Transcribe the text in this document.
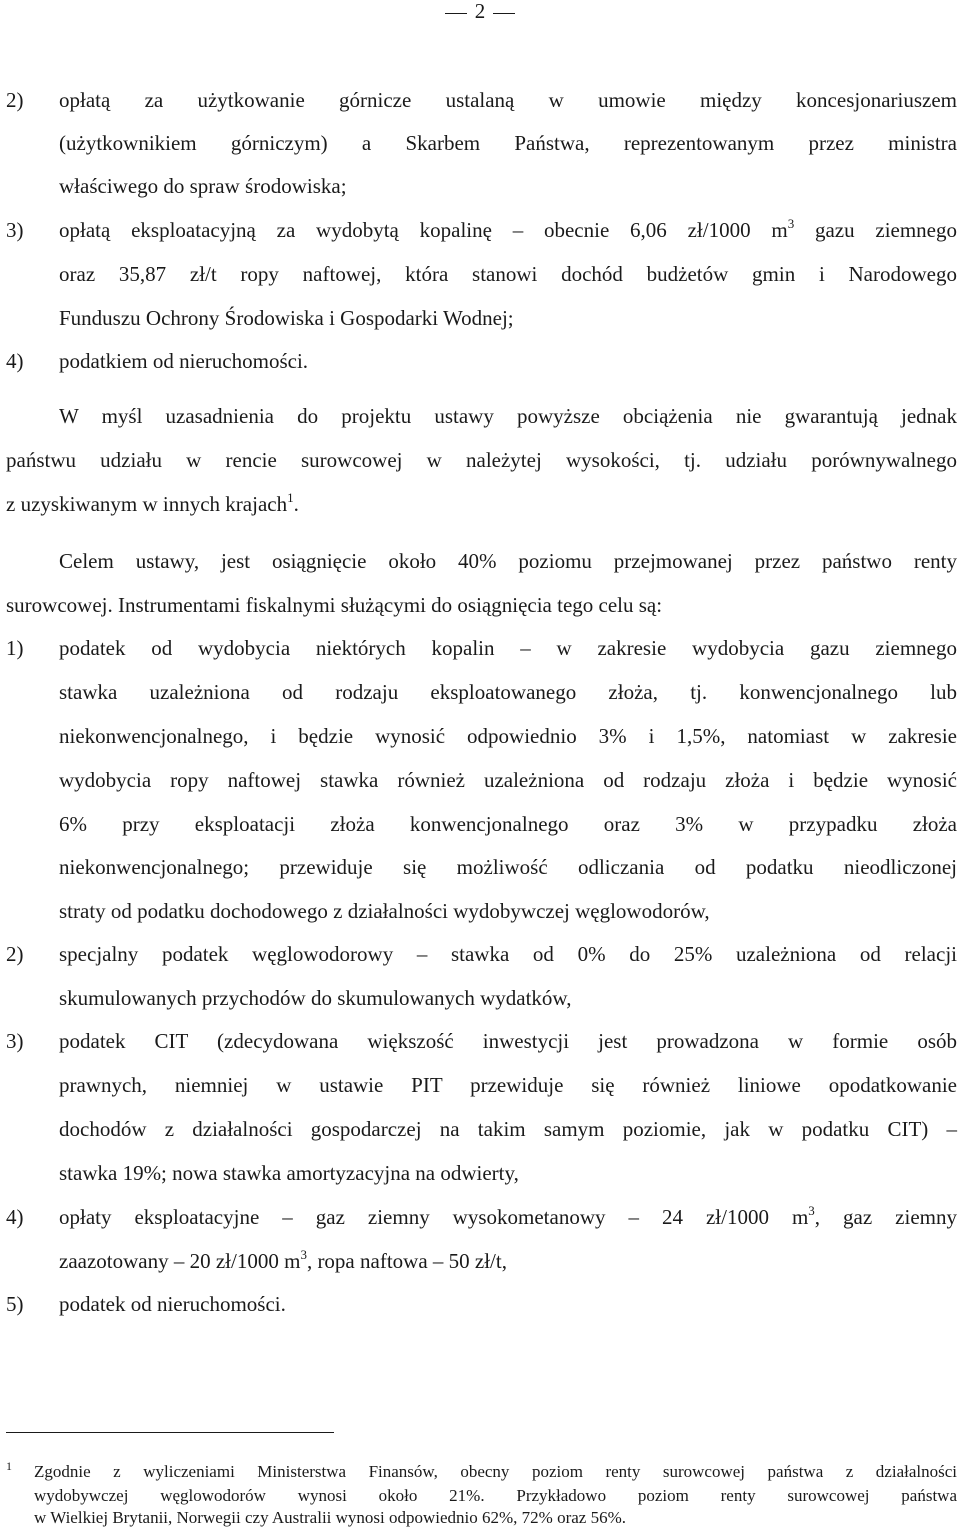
2
2) opłatą za użytkowanie górnicze ustalaną w umowie między koncesjonariuszem
(użytkownikiem górniczym) a Skarbem Państwa, reprezentowanym przez ministra
właściwego do spraw środowiska;
3) opłatą eksploatacyjną za wydobytą kopalinę – obecnie 6,06 zł/1000 $m^3$ gazu ziemnego
oraz 35,87 zł/t ropy naftowej, która stanowi dochód budżetów gmin i Narodowego
Funduszu Ochrony Środowiska i Gospodarki Wodnej;
4) podatkiem od nieruchomości.
W myśl uzasadnienia do projektu ustawy powyższe obciążenia nie gwarantują jednak
państwu udziału w rencie surowcowej w należytej wysokości, tj. udziału porównywalnego
z uzyskiwanym w innych krajach$^1$.
Celem ustawy, jest osiągnięcie około 40% poziomu przejmowanej przez państwo renty
surowcowej. Instrumentami fiskalnymi służącymi do osiągnięcia tego celu są:
1) podatek od wydobycia niektórych kopalin – w zakresie wydobycia gazu ziemnego
stawka uzależniona od rodzaju eksploatowanego złoża, tj. konwencjonalnego lub
niekonwencjonalnego, i będzie wynosić odpowiednio 3% i 1,5%, natomiast w zakresie
wydobycia ropy naftowej stawka również uzależniona od rodzaju złoża i będzie wynosić
6% przy eksploatacji złoża konwencjonalnego oraz 3% w przypadku złoża
niekonwencjonalnego; przewiduje się możliwość odliczania od podatku nieodliczonej
straty od podatku dochodowego z działalności wydobywczej węglowodorów,
2) specjalny podatek węglowodorowy – stawka od 0% do 25% uzależniona od relacji
skumulowanych przychodów do skumulowanych wydatków,
3) podatek CIT (zdecydowana większość inwestycji jest prowadzona w formie osób
prawnych, niemniej w ustawie PIT przewiduje się również liniowe opodatkowanie
dochodów z działalności gospodarczej na takim samym poziomie, jak w podatku CIT) –
stawka 19%; nowa stawka amortyzacyjna na odwierty,
4) opłaty eksploatacyjne – gaz ziemny wysokometanowy – 24 zł/1000 $m^3$, gaz ziemny
zaazotowany – 20 zł/1000 $m^3$, ropa naftowa – 50 zł/t,
5) podatek od nieruchomości.
1 Zgodnie z wyliczeniami Ministerstwa Finansów, obecny poziom renty surowcowej państwa z działalności
wydobywczej węglowodorów wynosi około 21%. Przykładowo poziom renty surowcowej państwa
w Wielkiej Brytanii, Norwegii czy Australii wynosi odpowiednio 62%, 72% oraz 56%.
